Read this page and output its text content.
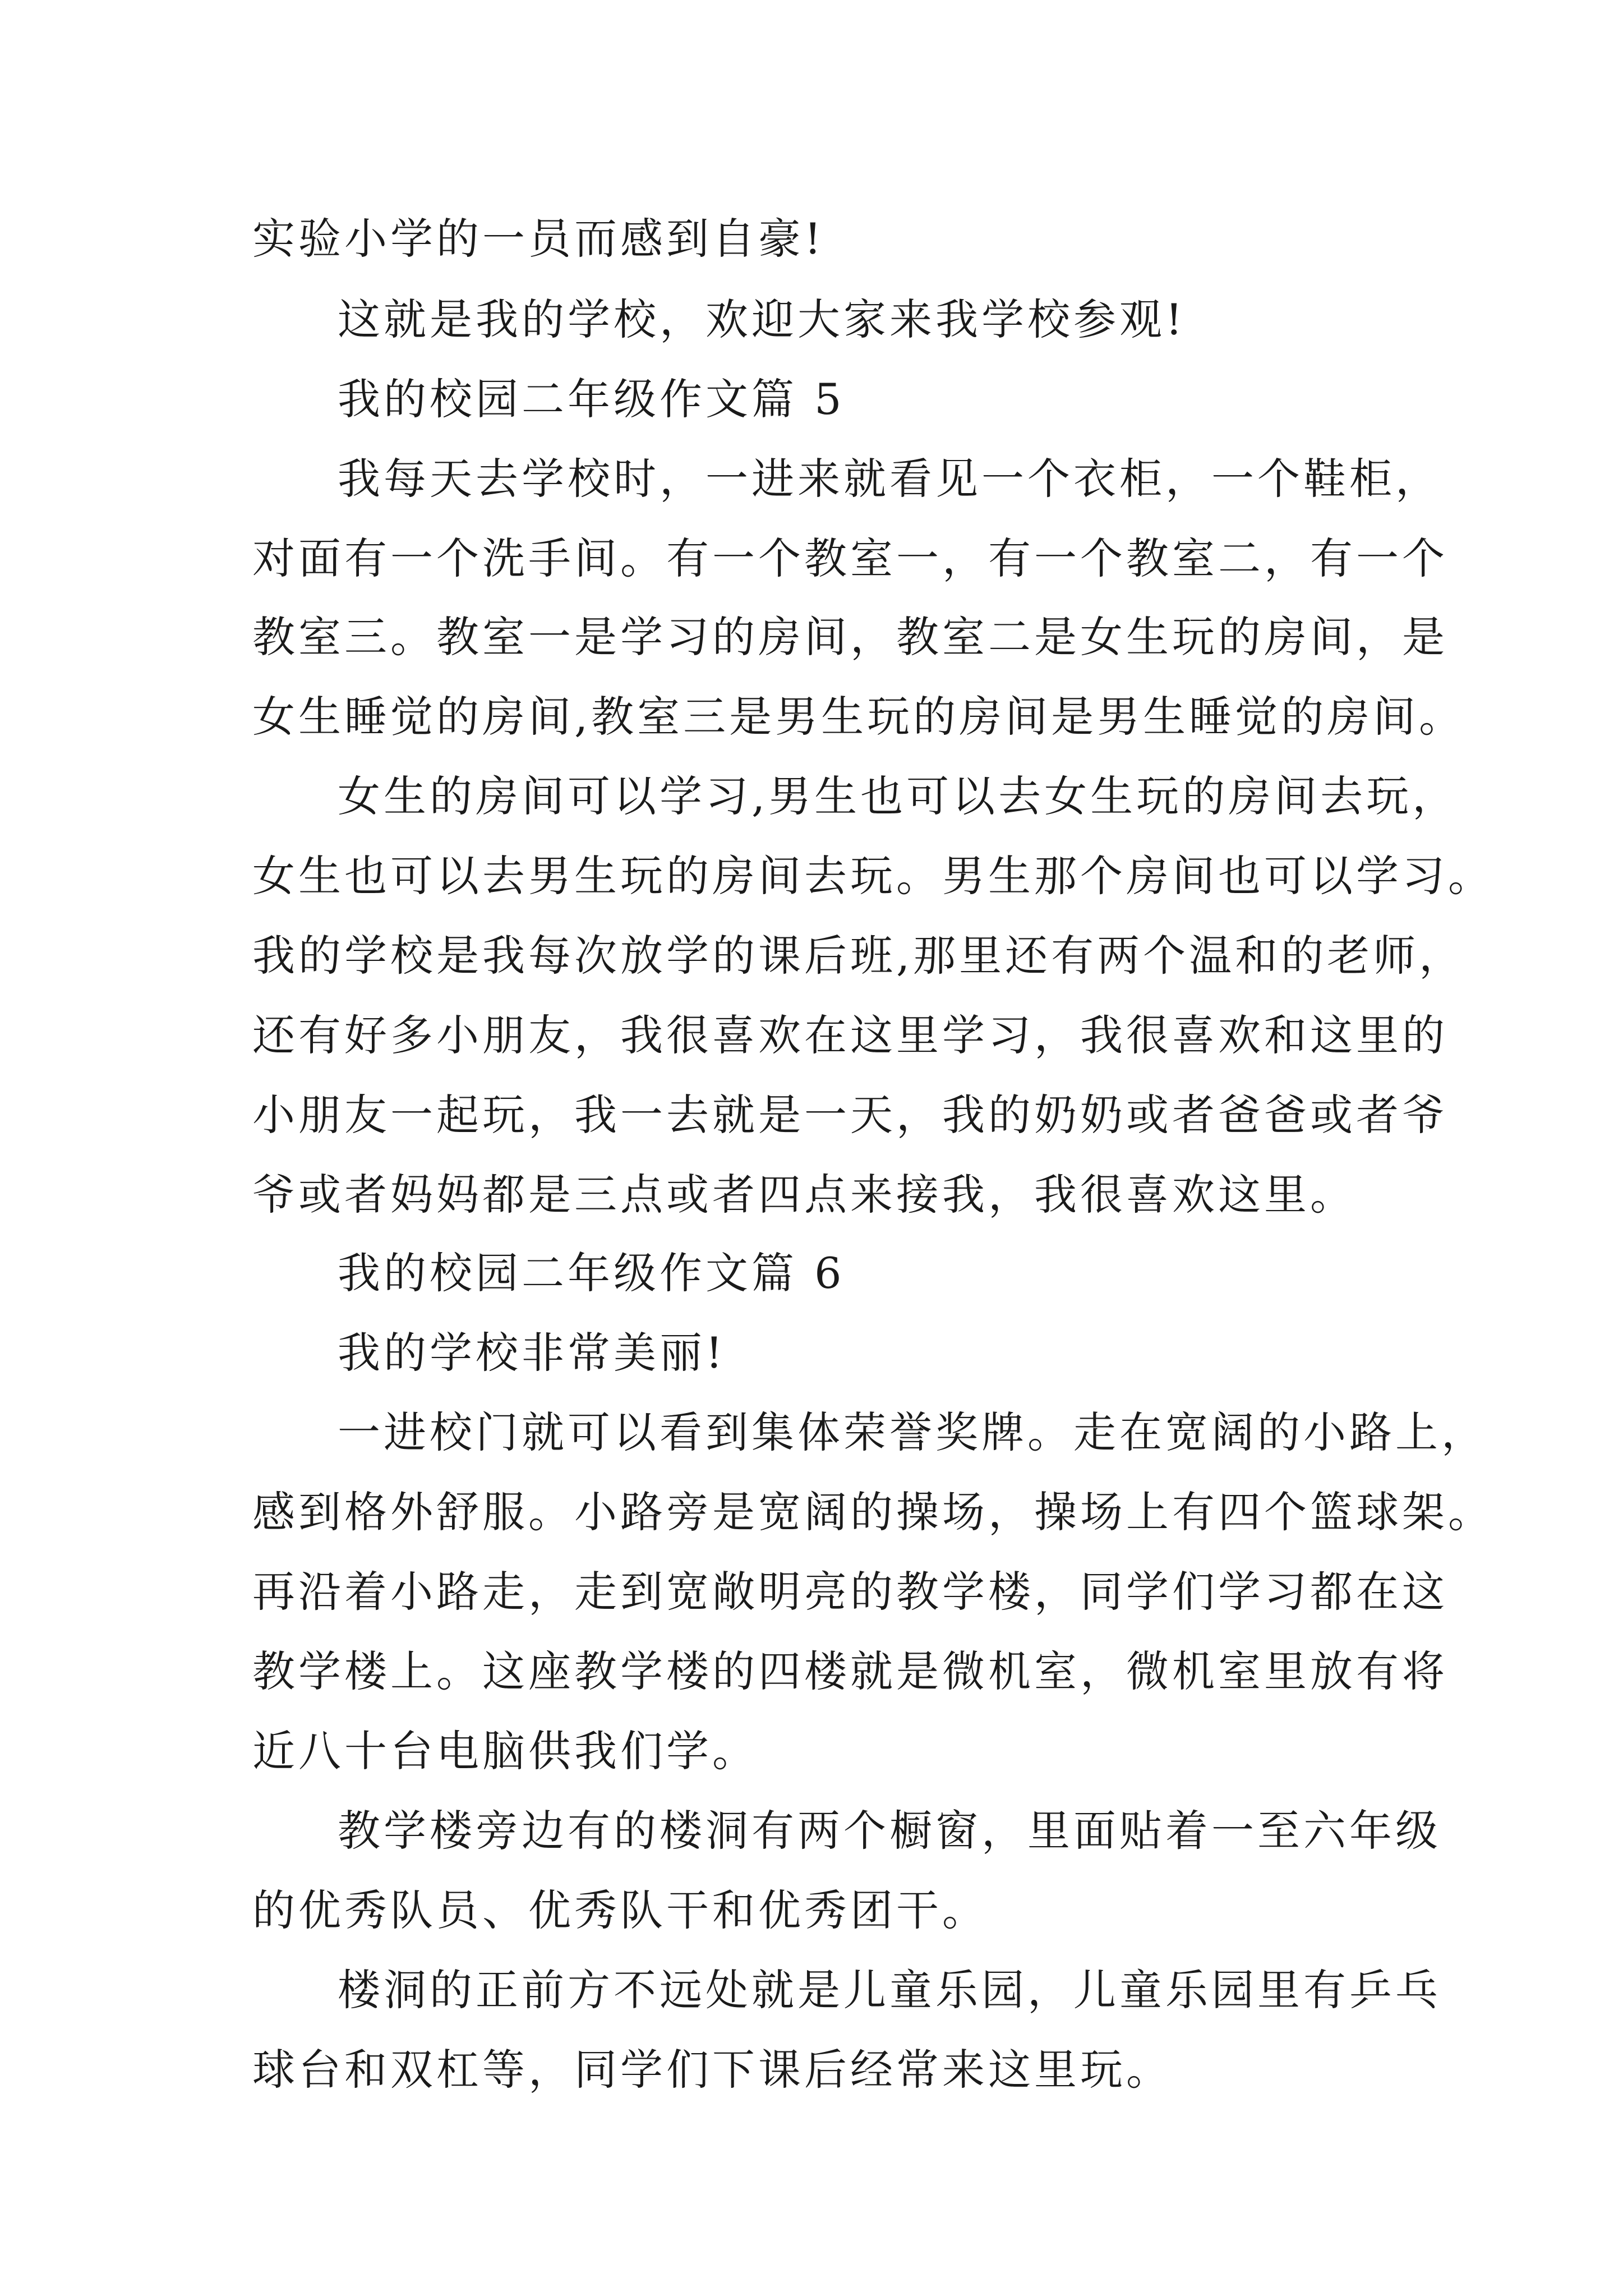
实验小学的一员而感到自豪!
这就是我的学校，欢迎大家来我学校参观!
我的校园二年级作文篇 5
我每天去学校时，一进来就看见一个衣柜，一个鞋柜，
对面有一个洗手间。有一个教室一，有一个教室二，有一个
教室三。教室一是学习的房间，教室二是女生玩的房间，是
女生睡觉的房间,教室三是男生玩的房间是男生睡觉的房间。
女生的房间可以学习,男生也可以去女生玩的房间去玩，
女生也可以去男生玩的房间去玩。男生那个房间也可以学习。
我的学校是我每次放学的课后班,那里还有两个温和的老师，
还有好多小朋友，我很喜欢在这里学习，我很喜欢和这里的
小朋友一起玩，我一去就是一天，我的奶奶或者爸爸或者爷
爷或者妈妈都是三点或者四点来接我，我很喜欢这里。
我的校园二年级作文篇 6
我的学校非常美丽!
一进校门就可以看到集体荣誉奖牌。走在宽阔的小路上，
感到格外舒服。小路旁是宽阔的操场，操场上有四个篮球架。
再沿着小路走，走到宽敞明亮的教学楼，同学们学习都在这
教学楼上。这座教学楼的四楼就是微机室，微机室里放有将
近八十台电脑供我们学。
教学楼旁边有的楼洞有两个橱窗，里面贴着一至六年级
的优秀队员、优秀队干和优秀团干。
楼洞的正前方不远处就是儿童乐园，儿童乐园里有乒乓
球台和双杠等，同学们下课后经常来这里玩。
